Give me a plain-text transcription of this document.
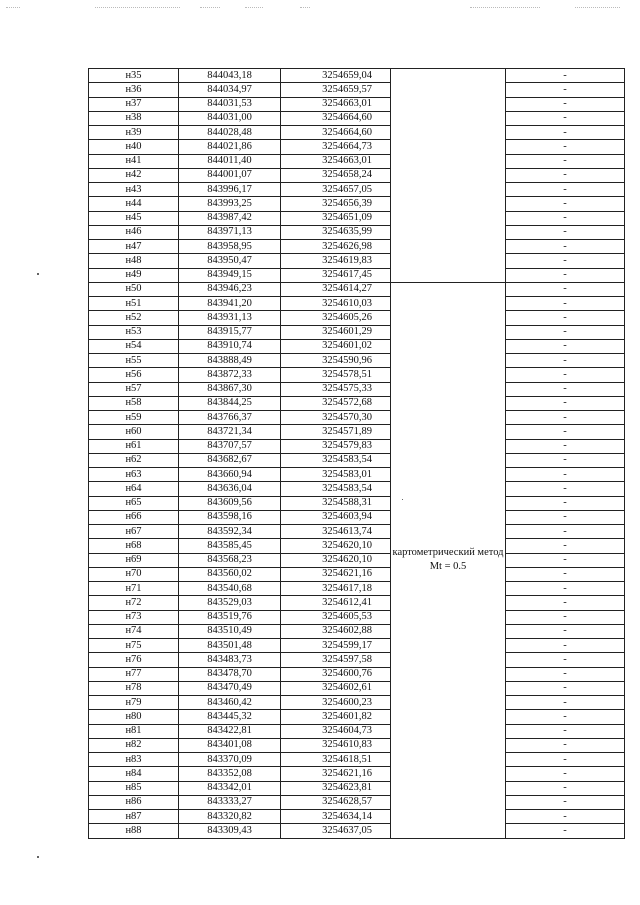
н35	844043,18	3254659,04		-
н36	844034,97	3254659,57		-
н37	844031,53	3254663,01		-
н38	844031,00	3254664,60		-
н39	844028,48	3254664,60		-
н40	844021,86	3254664,73		-
н41	844011,40	3254663,01		-
н42	844001,07	3254658,24		-
н43	843996,17	3254657,05		-
н44	843993,25	3254656,39		-
н45	843987,42	3254651,09		-
н46	843971,13	3254635,99		-
н47	843958,95	3254626,98		-
н48	843950,47	3254619,83		-
н49	843949,15	3254617,45		-
н50	843946,23	3254614,27	картометрический метод Mt = 0.5	-
н51	843941,20	3254610,03		-
н52	843931,13	3254605,26		-
н53	843915,77	3254601,29		-
н54	843910,74	3254601,02		-
н55	843888,49	3254590,96		-
н56	843872,33	3254578,51		-
н57	843867,30	3254575,33		-
н58	843844,25	3254572,68		-
н59	843766,37	3254570,30		-
н60	843721,34	3254571,89		-
н61	843707,57	3254579,83		-
н62	843682,67	3254583,54		-
н63	843660,94	3254583,01		-
н64	843636,04	3254583,54		-
н65	843609,56	3254588,31		-
н66	843598,16	3254603,94		-
н67	843592,34	3254613,74		-
н68	843585,45	3254620,10		-
н69	843568,23	3254620,10		-
н70	843560,02	3254621,16		-
н71	843540,68	3254617,18		-
н72	843529,03	3254612,41		-
н73	843519,76	3254605,53		-
н74	843510,49	3254602,88		-
н75	843501,48	3254599,17		-
н76	843483,73	3254597,58		-
н77	843478,70	3254600,76		-
н78	843470,49	3254602,61		-
н79	843460,42	3254600,23		-
н80	843445,32	3254601,82		-
н81	843422,81	3254604,73		-
н82	843401,08	3254610,83		-
н83	843370,09	3254618,51		-
н84	843352,08	3254621,16		-
н85	843342,01	3254623,81		-
н86	843333,27	3254628,57		-
н87	843320,82	3254634,14		-
н88	843309,43	3254637,05		-
